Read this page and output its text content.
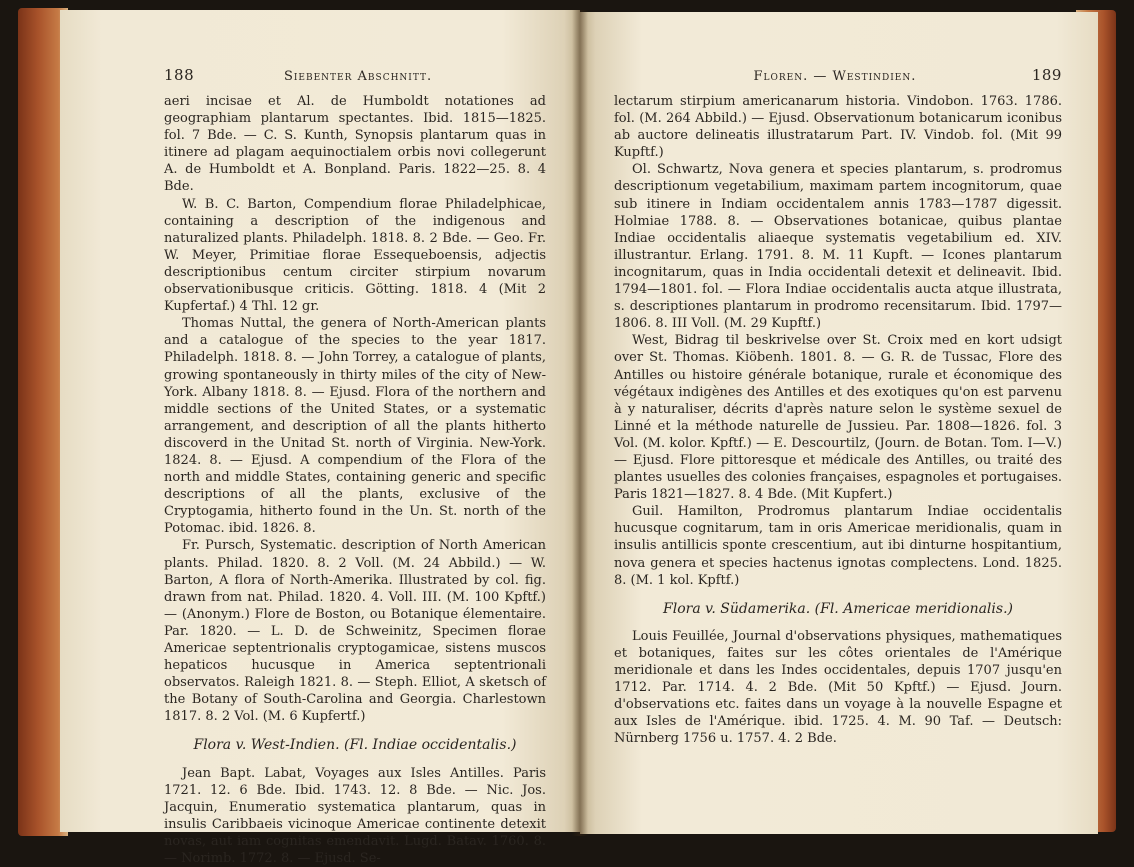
188	Siebenter Abschnitt.

aeri incisae et Al. de Humboldt notationes ad geographiam plantarum spectantes. Ibid. 1815—1825. fol. 7 Bde. — C. S. Kunth, Synopsis plantarum quas in itinere ad plagam aequinoctialem orbis novi collegerunt A. de Humboldt et A. Bonpland. Paris. 1822—25. 8. 4 Bde.

W. B. C. Barton, Compendium florae Philadelphicae, containing a description of the indigenous and naturalized plants. Philadelph. 1818. 8. 2 Bde. — Geo. Fr. W. Meyer, Primitiae florae Essequeboensis, adjectis descriptionibus centum circiter stirpium novarum observationibusque criticis. Götting. 1818. 4 (Mit 2 Kupfertaf.) 4 Thl. 12 gr.

Thomas Nuttal, the genera of North-American plants and a catalogue of the species to the year 1817. Philadelph. 1818. 8. — John Torrey, a catalogue of plants, growing spontaneously in thirty miles of the city of New-York. Albany 1818. 8. — Ejusd. Flora of the northern and middle sections of the United States, or a systematic arrangement, and description of all the plants hitherto discoverd in the Unitad St. north of Virginia. New-York. 1824. 8. — Ejusd. A compendium of the Flora of the north and middle States, containing generic and specific descriptions of all the plants, exclusive of the Cryptogamia, hitherto found in the Un. St. north of the Potomac. ibid. 1826. 8.

Fr. Pursch, Systematic. description of North American plants. Philad. 1820. 8. 2 Voll. (M. 24 Abbild.) — W. Barton, A flora of North-Amerika. Illustrated by col. fig. drawn from nat. Philad. 1820. 4. Voll. III. (M. 100 Kpftf.) — (Anonym.) Flore de Boston, ou Botanique élementaire. Par. 1820. — L. D. de Schweinitz, Specimen florae Americae septentrionalis cryptogamicae, sistens muscos hepaticos hucusque in America septentrionali observatos. Raleigh 1821. 8. — Steph. Elliot, A sketsch of the Botany of South-Carolina and Georgia. Charlestown 1817. 8. 2 Vol. (M. 6 Kupfertf.)

Flora v. West-Indien. (Fl. Indiae occidentalis.)

Jean Bapt. Labat, Voyages aux Isles Antilles. Paris 1721. 12. 6 Bde. Ibid. 1743. 12. 8 Bde. — Nic. Jos. Jacquin, Enumeratio systematica plantarum, quas in insulis Caribbaeis vicinoque Americae continente detexit novas, aut iam cognitas emendavit. Lugd. Batav. 1760. 8. — Norimb. 1772. 8. — Ejusd. Se-

Floren. — Westindien.	189

lectarum stirpium americanarum historia. Vindobon. 1763. 1786. fol. (M. 264 Abbild.) — Ejusd. Observationum botanicarum iconibus ab auctore delineatis illustratarum Part. IV. Vindob. fol. (Mit 99 Kupftf.)

Ol. Schwartz, Nova genera et species plantarum, s. prodromus descriptionum vegetabilium, maximam partem incognitorum, quae sub itinere in Indiam occidentalem annis 1783—1787 digessit. Holmiae 1788. 8. — Observationes botanicae, quibus plantae Indiae occidentalis aliaeque systematis vegetabilium ed. XIV. illustrantur. Erlang. 1791. 8. M. 11 Kupft. — Icones plantarum incognitarum, quas in India occidentali detexit et delineavit. Ibid. 1794—1801. fol. — Flora Indiae occidentalis aucta atque illustrata, s. descriptiones plantarum in prodromo recensitarum. Ibid. 1797—1806. 8. III Voll. (M. 29 Kupftf.)

West, Bidrag til beskrivelse over St. Croix med en kort udsigt over St. Thomas. Kiöbenh. 1801. 8. — G. R. de Tussac, Flore des Antilles ou histoire générale botanique, rurale et économique des végétaux indigènes des Antilles et des exotiques qu'on est parvenu à y naturaliser, décrits d'après nature selon le système sexuel de Linné et la méthode naturelle de Jussieu. Par. 1808—1826. fol. 3 Vol. (M. kolor. Kpftf.) — E. Descourtilz, (Journ. de Botan. Tom. I—V.) — Ejusd. Flore pittoresque et médicale des Antilles, ou traité des plantes usuelles des colonies françaises, espagnoles et portugaises. Paris 1821—1827. 8. 4 Bde. (Mit Kupfert.)

Guil. Hamilton, Prodromus plantarum Indiae occidentalis hucusque cognitarum, tam in oris Americae meridionalis, quam in insulis antillicis sponte crescentium, aut ibi dinturne hospitantium, nova genera et species hactenus ignotas complectens. Lond. 1825. 8. (M. 1 kol. Kpftf.)

Flora v. Südamerika. (Fl. Americae meridionalis.)

Louis Feuillée, Journal d'observations physiques, mathematiques et botaniques, faites sur les côtes orientales de l'Amérique meridionale et dans les Indes occidentales, depuis 1707 jusqu'en 1712. Par. 1714. 4. 2 Bde. (Mit 50 Kpftf.) — Ejusd. Journ. d'observations etc. faites dans un voyage à la nouvelle Espagne et aux Isles de l'Amérique. ibid. 1725. 4. M. 90 Taf. — Deutsch: Nürnberg 1756 u. 1757. 4. 2 Bde.
